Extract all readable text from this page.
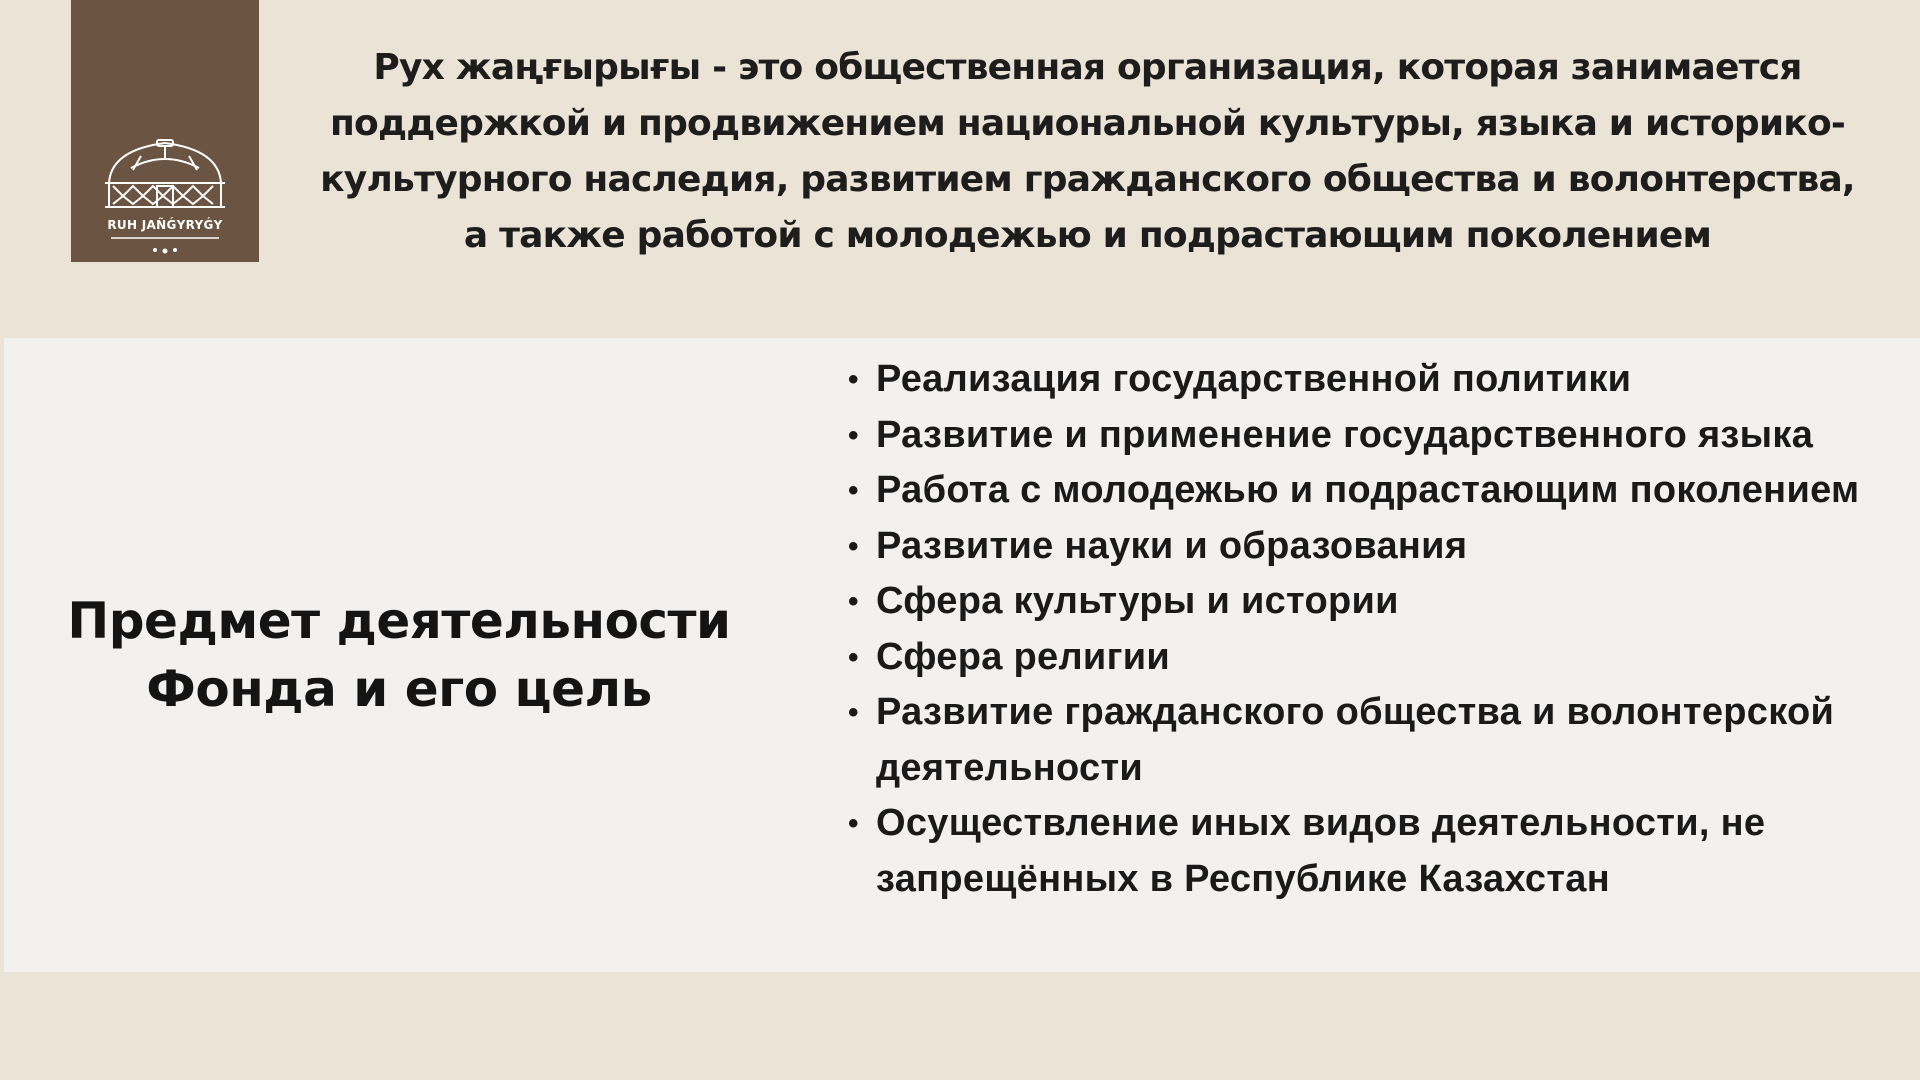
RUH JAÑǴYRYǴY
Рух жаңғырығы - это общественная организация, которая занимается
поддержкой и продвижением национальной культуры, языка и историко-
культурного наследия, развитием гражданского общества и волонтерства,
а также работой с молодежью и подрастающим поколением
Предмет деятельности
Фонда и его цель
• Реализация государственной политики
• Развитие и применение государственного языка
• Работа с молодежью и подрастающим поколением
• Развитие науки и образования
• Сфера культуры и истории
• Сфера религии
• Развитие гражданского общества и волонтерской деятельности
• Осуществление иных видов деятельности, не запрещённых в Республике Казахстан
